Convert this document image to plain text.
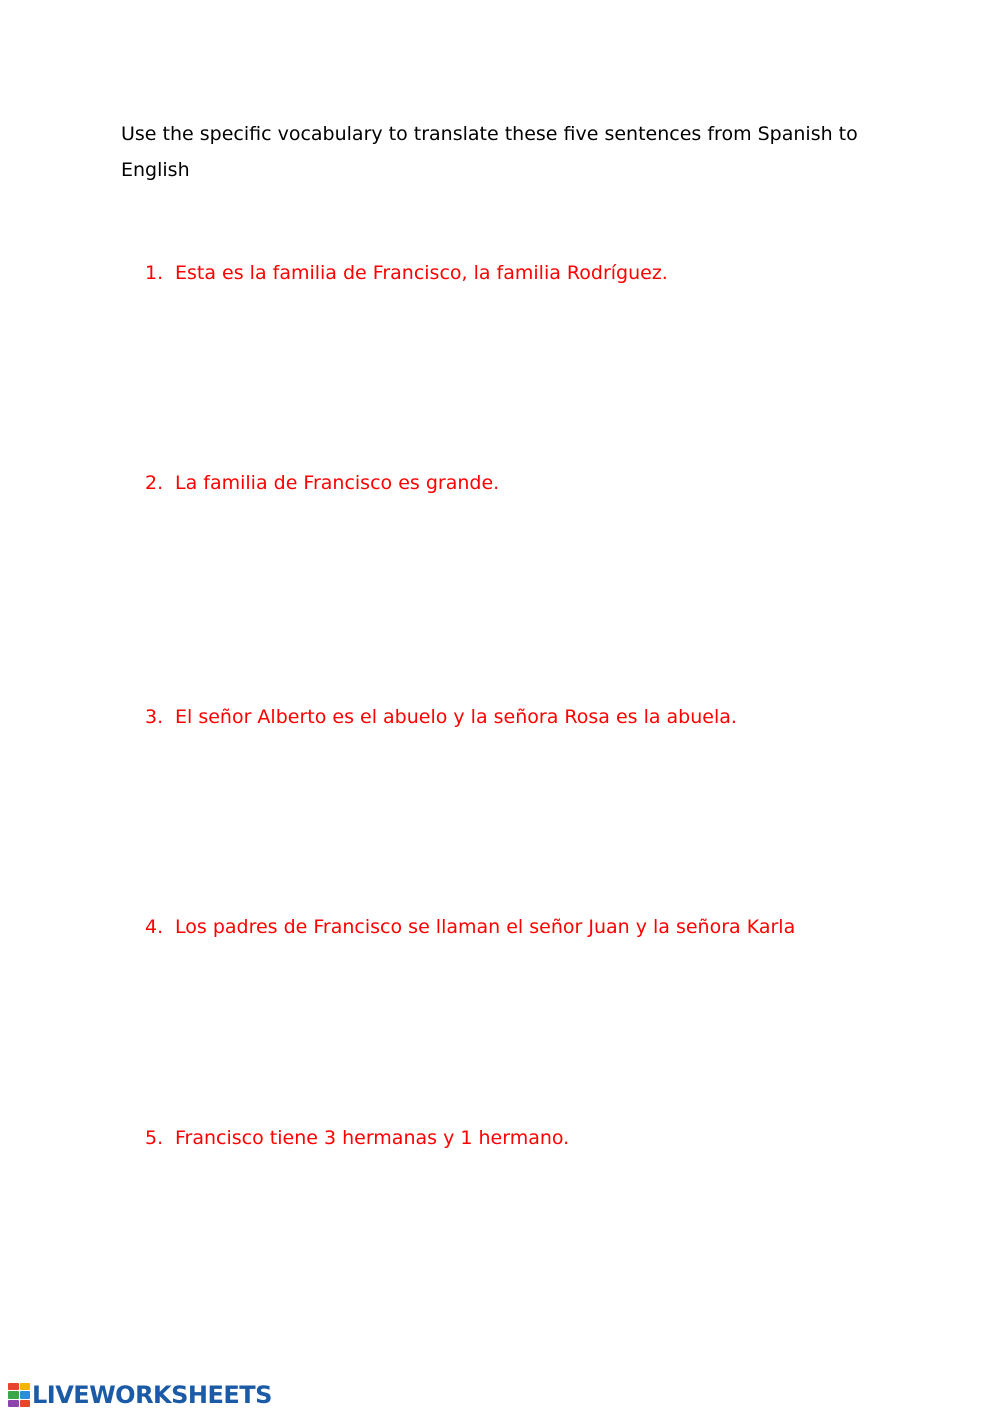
Use the specific vocabulary to translate these five sentences from Spanish to English

1. Esta es la familia de Francisco, la familia Rodríguez.

2. La familia de Francisco es grande.

3. El señor Alberto es el abuelo y la señora Rosa es la abuela.

4. Los padres de Francisco se llaman el señor Juan y la señora Karla

5. Francisco tiene 3 hermanas y 1 hermano.

LIVEWORKSHEETS
